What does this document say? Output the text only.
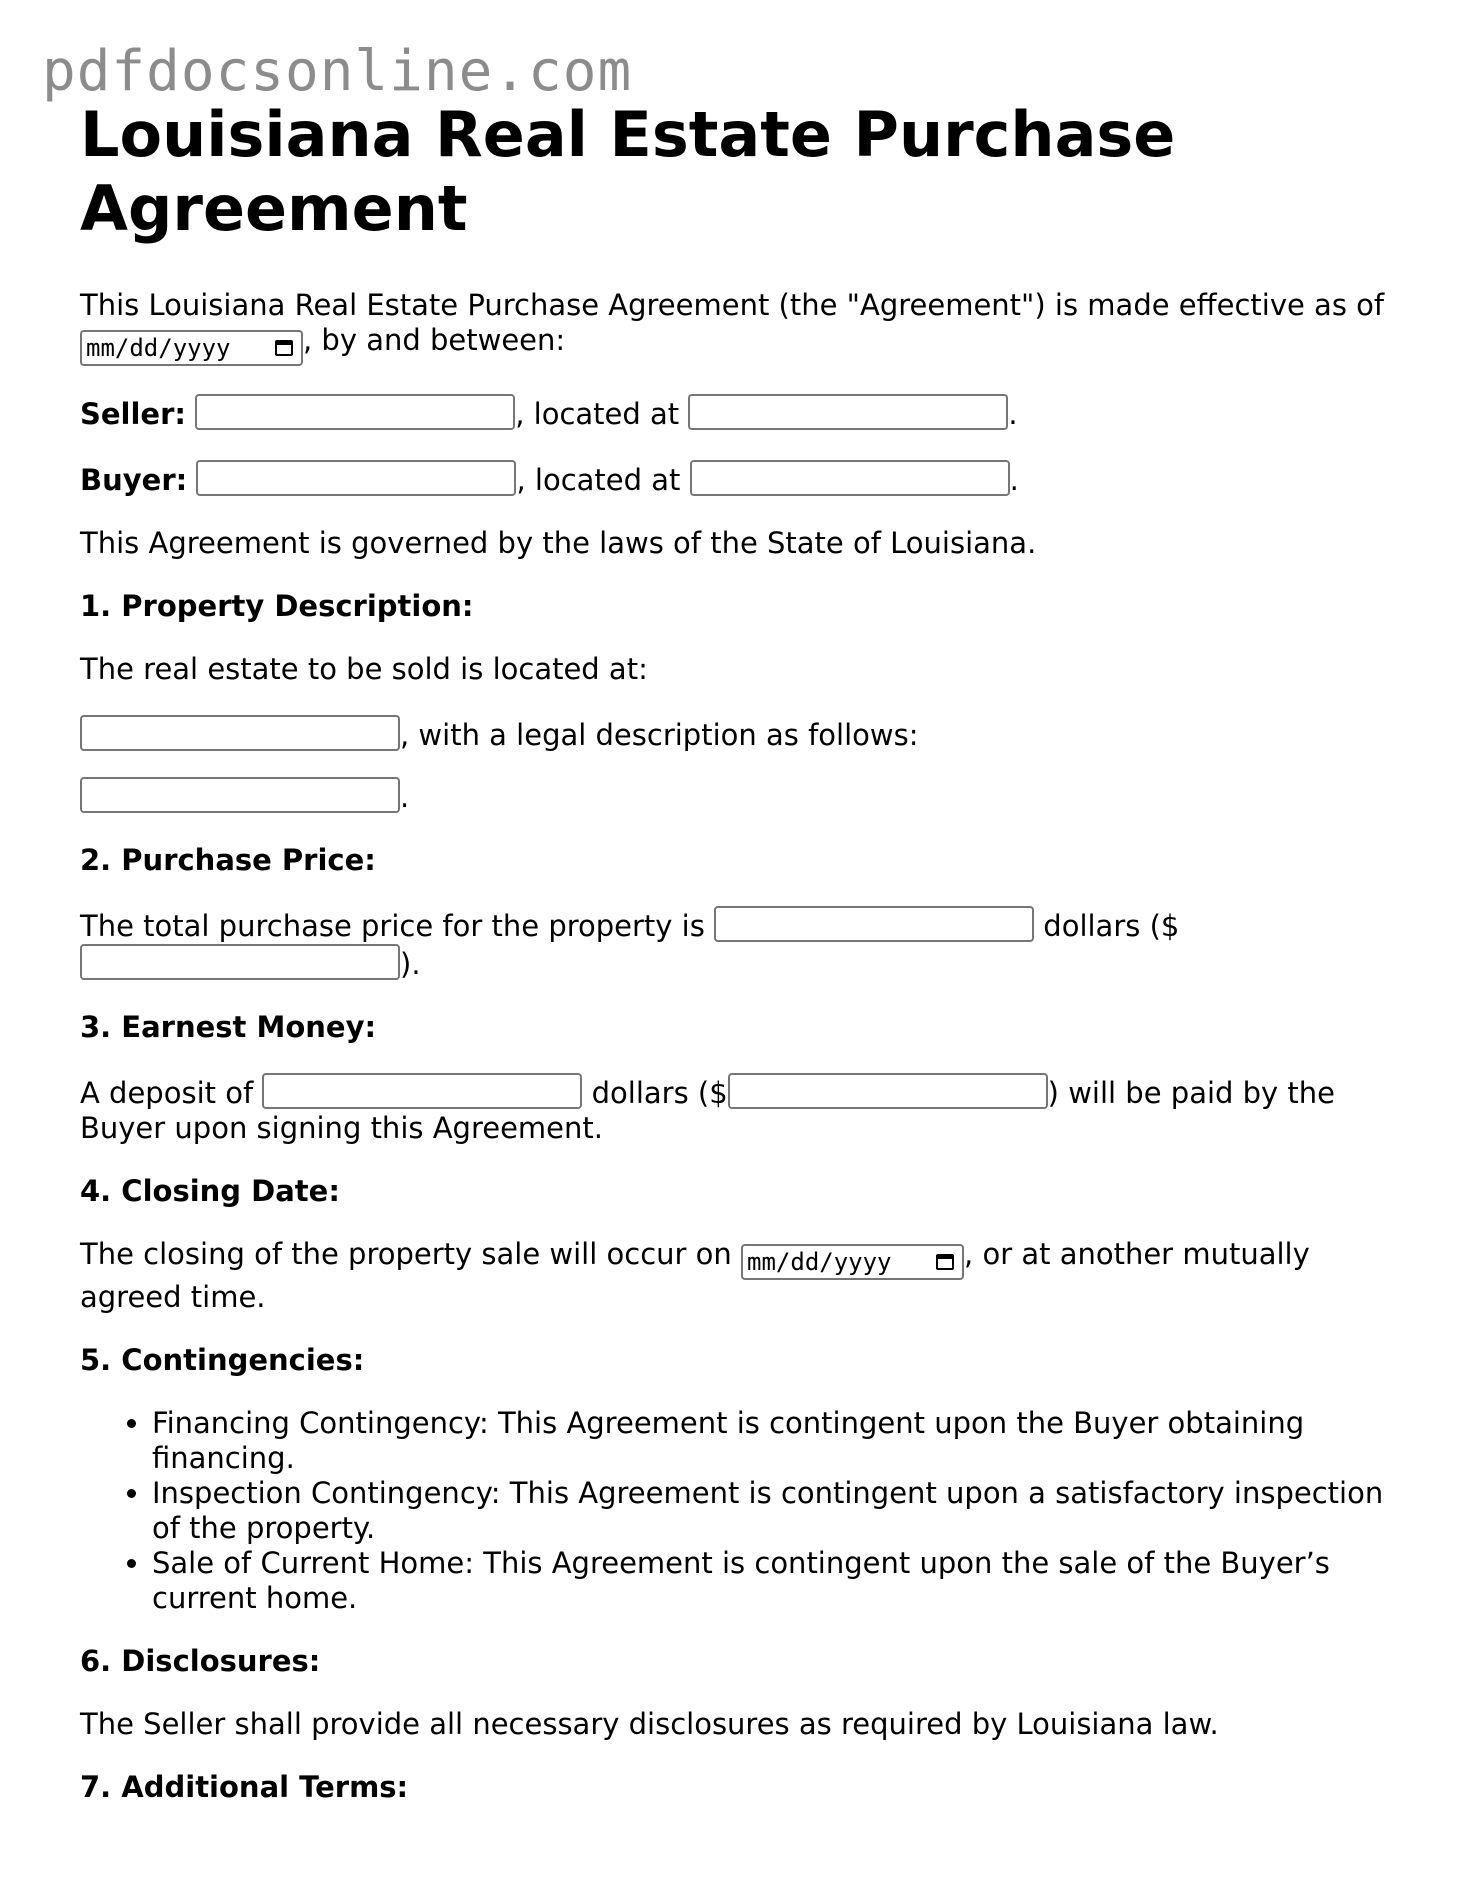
pdfdocsonline.com
Louisiana Real Estate Purchase Agreement

This Louisiana Real Estate Purchase Agreement (the "Agreement") is made effective as of mm/dd/yyyy	, by and between:

Seller:	, located at	.

Buyer:	, located at	.

This Agreement is governed by the laws of the State of Louisiana.

1. Property Description:

The real estate to be sold is located at:

, with a legal description as follows:

.

2. Purchase Price:

The total purchase price for the property is	dollars ($ ).

3. Earnest Money:

A deposit of	dollars ($	) will be paid by the Buyer upon signing this Agreement.

4. Closing Date:

The closing of the property sale will occur on mm/dd/yyyy	, or at another mutually agreed time.

5. Contingencies:
• Financing Contingency: This Agreement is contingent upon the Buyer obtaining financing.
• Inspection Contingency: This Agreement is contingent upon a satisfactory inspection of the property.
• Sale of Current Home: This Agreement is contingent upon the sale of the Buyer’s current home.
6. Disclosures:

The Seller shall provide all necessary disclosures as required by Louisiana law.

7. Additional Terms:
